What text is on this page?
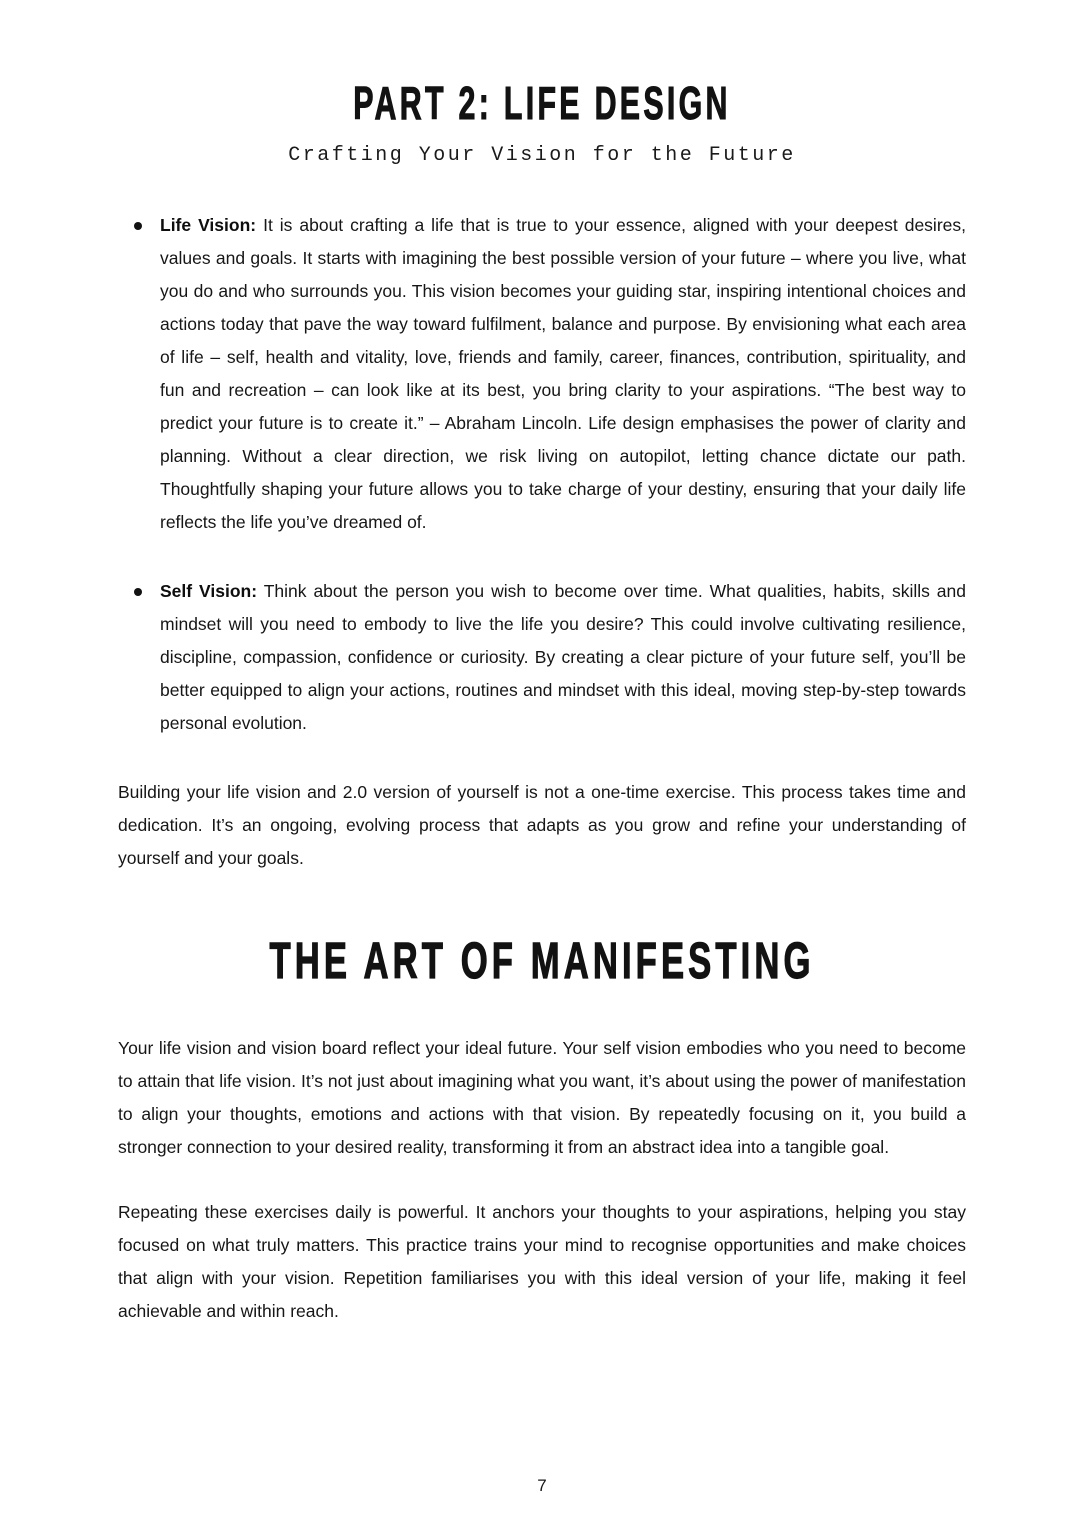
PART 2: LIFE DESIGN
Crafting Your Vision for the Future
Life Vision: It is about crafting a life that is true to your essence, aligned with your deepest desires, values and goals. It starts with imagining the best possible version of your future – where you live, what you do and who surrounds you. This vision becomes your guiding star, inspiring intentional choices and actions today that pave the way toward fulfilment, balance and purpose. By envisioning what each area of life – self, health and vitality, love, friends and family, career, finances, contribution, spirituality, and fun and recreation – can look like at its best, you bring clarity to your aspirations. “The best way to predict your future is to create it.” – Abraham Lincoln. Life design emphasises the power of clarity and planning. Without a clear direction, we risk living on autopilot, letting chance dictate our path. Thoughtfully shaping your future allows you to take charge of your destiny, ensuring that your daily life reflects the life you’ve dreamed of.
Self Vision: Think about the person you wish to become over time. What qualities, habits, skills and mindset will you need to embody to live the life you desire? This could involve cultivating resilience, discipline, compassion, confidence or curiosity. By creating a clear picture of your future self, you’ll be better equipped to align your actions, routines and mindset with this ideal, moving step-by-step towards personal evolution.

Building your life vision and 2.0 version of yourself is not a one-time exercise. This process takes time and dedication. It’s an ongoing, evolving process that adapts as you grow and refine your understanding of yourself and your goals.

THE ART OF MANIFESTING

Your life vision and vision board reflect your ideal future. Your self vision embodies who you need to become to attain that life vision. It’s not just about imagining what you want, it’s about using the power of manifestation to align your thoughts, emotions and actions with that vision. By repeatedly focusing on it, you build a stronger connection to your desired reality, transforming it from an abstract idea into a tangible goal.

Repeating these exercises daily is powerful. It anchors your thoughts to your aspirations, helping you stay focused on what truly matters. This practice trains your mind to recognise opportunities and make choices that align with your vision. Repetition familiarises you with this ideal version of your life, making it feel achievable and within reach.

7
